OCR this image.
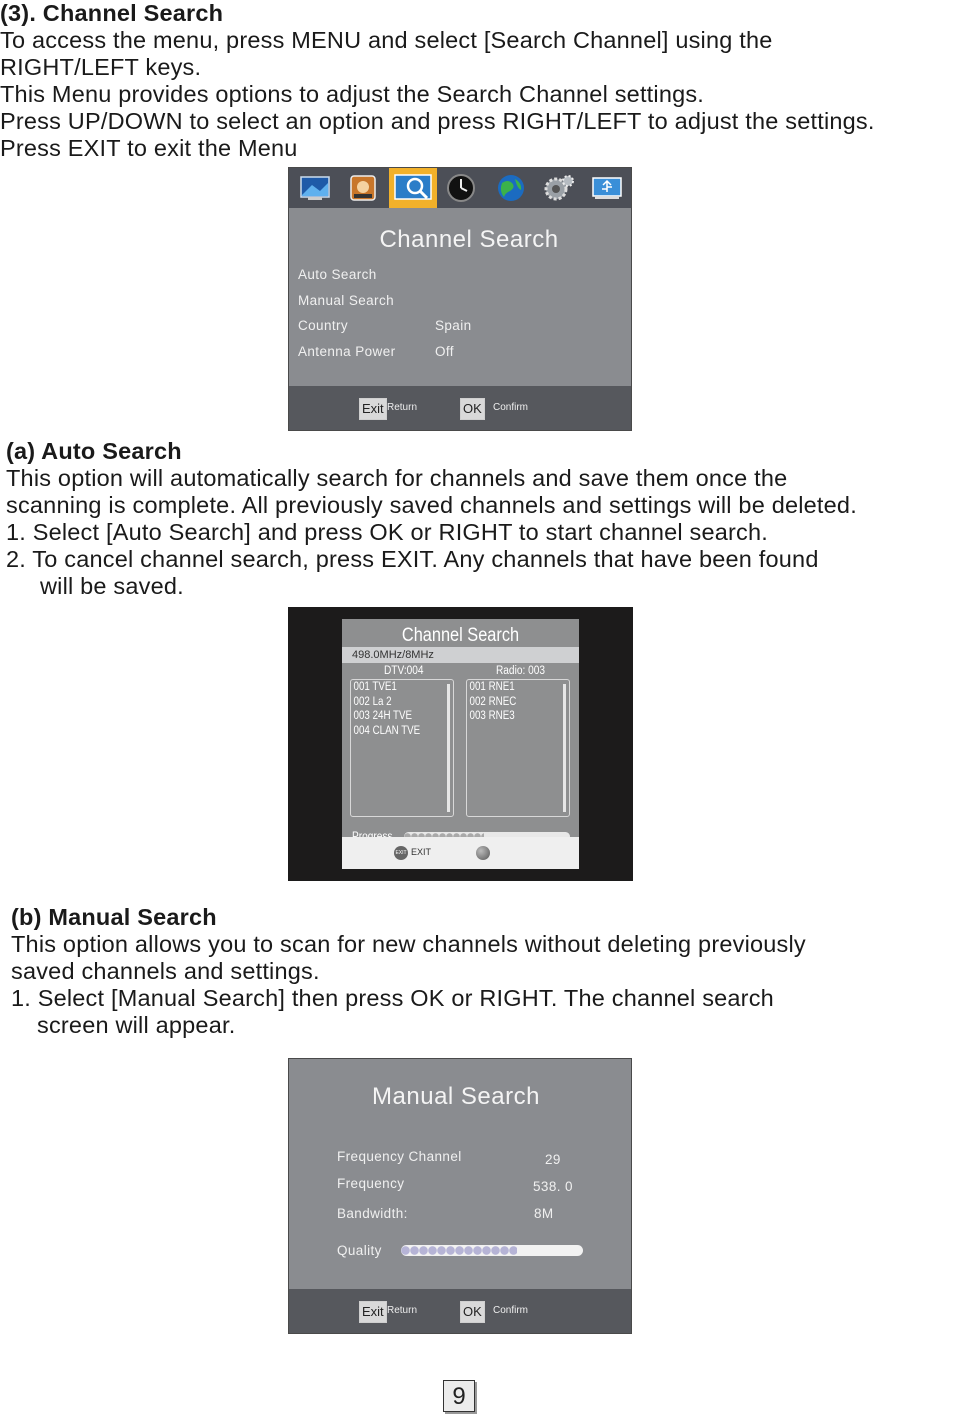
(3). Channel Search

To access the menu, press MENU and select [Search Channel] using the

RIGHT/LEFT keys.

This Menu provides options to adjust the Search Channel settings.

Press UP/DOWN to select an option and press RIGHT/LEFT to adjust the settings.

Press EXIT to exit the Menu

Channel Search
Auto Search
Manual Search
Country	Spain
Antenna Power	Off
Exit Return	OK	Confirm

(a) Auto Search

This option will automatically search for channels and save them once the

scanning is complete. All previously saved channels and settings will be deleted.

1. Select [Auto Search] and press OK or RIGHT to start channel search.

2. To cancel channel search, press EXIT. Any channels that have been found

will be saved.

Channel Search
498.0MHz/8MHz
DTV:004	Radio: 003
001 TVE1
002 La 2
003 24H TVE
004 CLAN TVE
001 RNE1
002 RNEC
003 RNE3
EXIT EXIT

(b) Manual Search

This option allows you to scan for new channels without deleting previously

saved channels and settings.

1. Select [Manual Search] then press OK or RIGHT. The channel search

screen will appear.

Manual Search
Frequency Channel	29
Frequency	538. 0
Bandwidth:	8M
Quality
Exit Return	OK	Confirm
9
